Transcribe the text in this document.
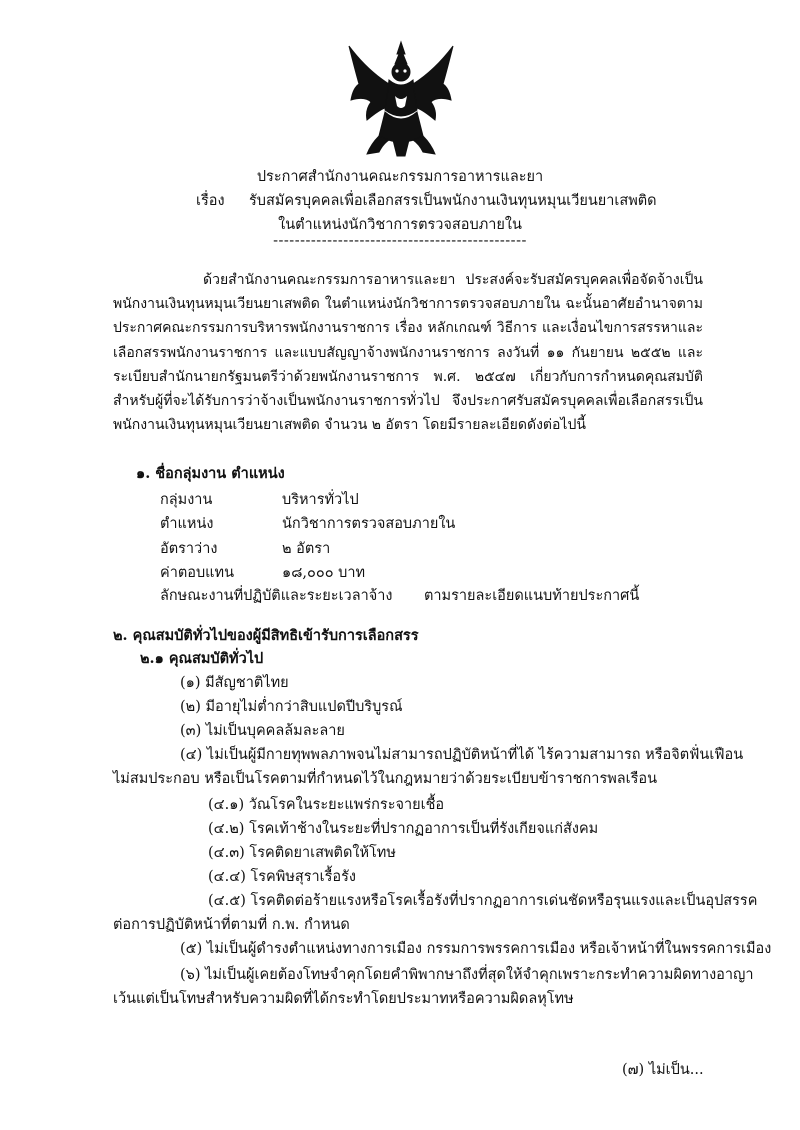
ประกาศสำนักงานคณะกรรมการอาหารและยา
เรื่อง รับสมัครบุคคลเพื่อเลือกสรรเป็นพนักงานเงินทุนหมุนเวียนยาเสพติด
ในตำแหน่งนักวิชาการตรวจสอบภายใน
-----------------------------------------------
ด้วยสำนักงานคณะกรรมการอาหารและยา ประสงค์จะรับสมัครบุคคลเพื่อจัดจ้างเป็นพนักงานเงินทุนหมุนเวียนยาเสพติด ในตำแหน่งนักวิชาการตรวจสอบภายใน ฉะนั้นอาศัยอำนาจตามประกาศคณะกรรมการบริหารพนักงานราชการ เรื่อง หลักเกณฑ์ วิธีการ และเงื่อนไขการสรรหาและเลือกสรรพนักงานราชการ และแบบสัญญาจ้างพนักงานราชการ ลงวันที่ ๑๑ กันยายน ๒๕๕๒ และระเบียบสำนักนายกรัฐมนตรีว่าด้วยพนักงานราชการ พ.ศ. ๒๕๔๗ เกี่ยวกับการกำหนดคุณสมบัติสำหรับผู้ที่จะได้รับการว่าจ้างเป็นพนักงานราชการทั่วไป จึงประกาศรับสมัครบุคคลเพื่อเลือกสรรเป็นพนักงานเงินทุนหมุนเวียนยาเสพติด จำนวน ๒ อัตรา โดยมีรายละเอียดดังต่อไปนี้
๑. ชื่อกลุ่มงาน ตำแหน่ง
กลุ่มงาน	บริหารทั่วไป
ตำแหน่ง	นักวิชาการตรวจสอบภายใน
อัตราว่าง	๒ อัตรา
ค่าตอบแทน	๑๘,๐๐๐ บาท
ลักษณะงานที่ปฏิบัติและระยะเวลาจ้าง ตามรายละเอียดแนบท้ายประกาศนี้
๒. คุณสมบัติทั่วไปของผู้มีสิทธิเข้ารับการเลือกสรร
๒.๑ คุณสมบัติทั่วไป
(๑) มีสัญชาติไทย
(๒) มีอายุไม่ต่ำกว่าสิบแปดปีบริบูรณ์
(๓) ไม่เป็นบุคคลล้มละลาย
(๔) ไม่เป็นผู้มีกายทุพพลภาพจนไม่สามารถปฏิบัติหน้าที่ได้ ไร้ความสามารถ หรือจิตฟั่นเฟือน
ไม่สมประกอบ หรือเป็นโรคตามที่กำหนดไว้ในกฎหมายว่าด้วยระเบียบข้าราชการพลเรือน
(๔.๑) วัณโรคในระยะแพร่กระจายเชื้อ
(๔.๒) โรคเท้าช้างในระยะที่ปรากฏอาการเป็นที่รังเกียจแก่สังคม
(๔.๓) โรคติดยาเสพติดให้โทษ
(๔.๔) โรคพิษสุราเรื้อรัง
(๔.๕) โรคติดต่อร้ายแรงหรือโรคเรื้อรังที่ปรากฏอาการเด่นชัดหรือรุนแรงและเป็นอุปสรรค
ต่อการปฏิบัติหน้าที่ตามที่ ก.พ. กำหนด
(๕) ไม่เป็นผู้ดำรงตำแหน่งทางการเมือง กรรมการพรรคการเมือง หรือเจ้าหน้าที่ในพรรคการเมือง
(๖) ไม่เป็นผู้เคยต้องโทษจำคุกโดยคำพิพากษาถึงที่สุดให้จำคุกเพราะกระทำความผิดทางอาญา
เว้นแต่เป็นโทษสำหรับความผิดที่ได้กระทำโดยประมาทหรือความผิดลหุโทษ
(๗) ไม่เป็น...
